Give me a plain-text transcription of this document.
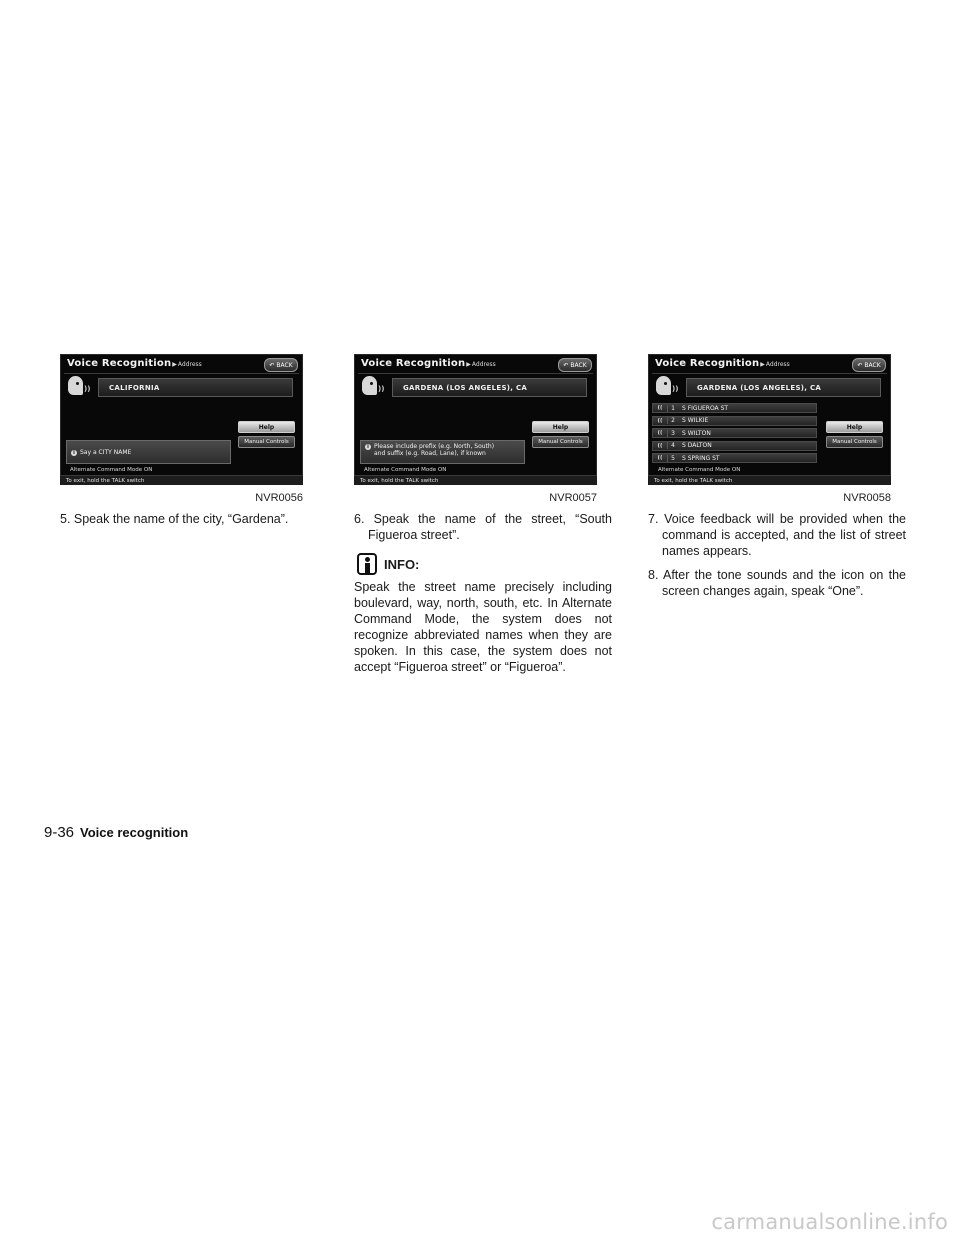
Voice Recognition ▶ Address	↶ BACK
))	CALIFORNIA
Help
Manual Controls
i Say a CITY NAME
Alternate Command Mode ON
To exit, hold the TALK switch
NVR0056

5. Speak the name of the city, “Gardena”.

Voice Recognition ▶ Address	↶ BACK
))	GARDENA (LOS ANGELES), CA
Help
Manual Controls
i Please include prefix (e.g. North, South)
and suffix (e.g. Road, Lane), if known
Alternate Command Mode ON
To exit, hold the TALK switch
NVR0057

6. Speak the name of the street, “South Figueroa street”.

INFO:
Speak the street name precisely including boulevard, way, north, south, etc. In Alternate Command Mode, the system does not recognize abbreviated names when they are spoken. In this case, the system does not accept “Figueroa street” or “Figueroa”.
Voice Recognition ▶ Address	↶ BACK
))	GARDENA (LOS ANGELES), CA
((	1	S FIGUEROA ST
((	2	S WILKIE
((	3	S WILTON
((	4	S DALTON
((	5	S SPRING ST
Help
Manual Controls
Alternate Command Mode ON
To exit, hold the TALK switch
NVR0058

7. Voice feedback will be provided when the command is accepted, and the list of street names appears.

8. After the tone sounds and the icon on the screen changes again, speak “One”.

9-36 Voice recognition
carmanualsonline.info
